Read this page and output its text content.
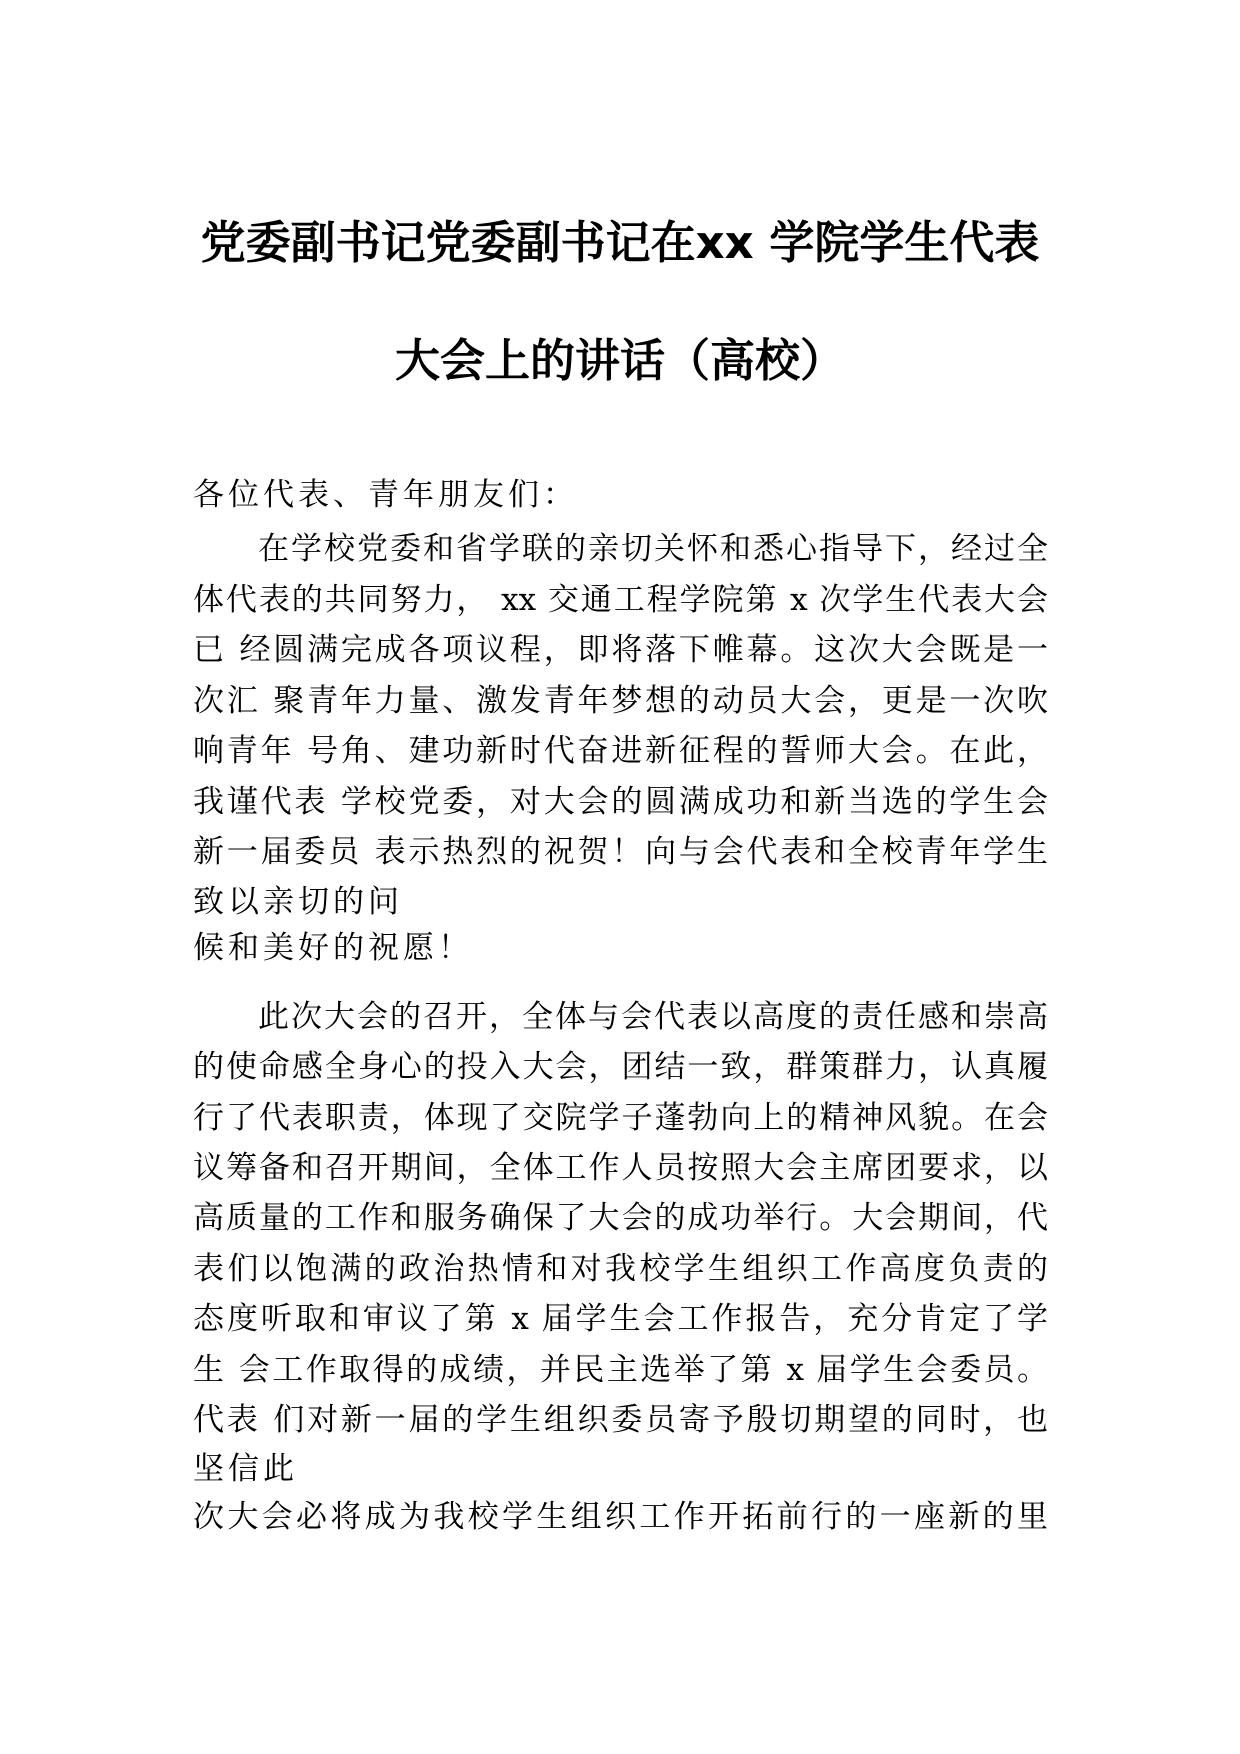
党委副书记党委副书记在xx 学院学生代表
大会上的讲话（高校）
各位代表、青年朋友们：
在学校党委和省学联的亲切关怀和悉心指导下，经过全
体代表的共同努力， xx 交通工程学院第 x 次学生代表大会
已 经圆满完成各项议程，即将落下帷幕。这次大会既是一
次汇 聚青年力量、激发青年梦想的动员大会，更是一次吹
响青年 号角、建功新时代奋进新征程的誓师大会。在此，
我谨代表 学校党委，对大会的圆满成功和新当选的学生会
新一届委员 表示热烈的祝贺！向与会代表和全校青年学生
致以亲切的问
候和美好的祝愿！
此次大会的召开，全体与会代表以高度的责任感和崇高
的使命感全身心的投入大会，团结一致，群策群力，认真履
行了代表职责，体现了交院学子蓬勃向上的精神风貌。在会
议筹备和召开期间，全体工作人员按照大会主席团要求，以
高质量的工作和服务确保了大会的成功举行。大会期间，代
表们以饱满的政治热情和对我校学生组织工作高度负责的
态度听取和审议了第 x 届学生会工作报告，充分肯定了学
生 会工作取得的成绩，并民主选举了第 x 届学生会委员。
代表 们对新一届的学生组织委员寄予殷切期望的同时，也
坚信此
次大会必将成为我校学生组织工作开拓前行的一座新的里
